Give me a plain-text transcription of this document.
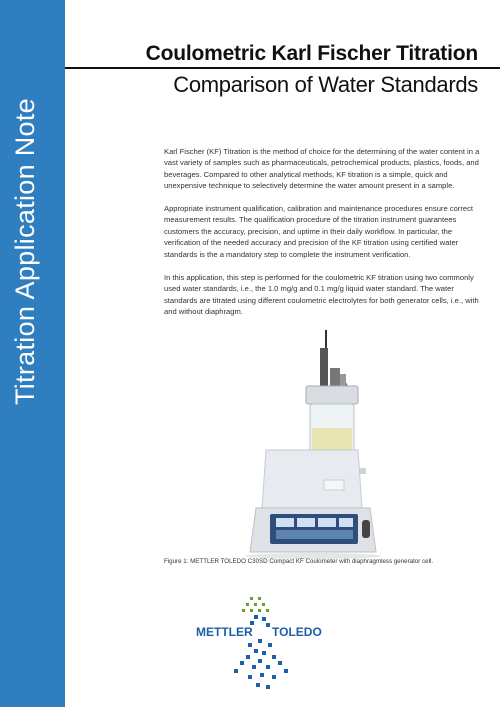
Titration Application Note
Coulometric Karl Fischer Titration
Comparison of Water Standards
Karl Fischer (KF) Titration is the method of choice for the determining of the water content in a vast variety of samples such as pharmaceuticals, petrochemical products, plastics, foods, and beverages. Compared to other analytical methods, KF titration is a simple, quick and unexpensive technique to selectively determine the water amount present in a sample.
Appropriate instrument qualification, calibration and maintenance procedures ensure correct measurement results. The qualification procedure of the titration instrument guarantees customers the accuracy, precision, and uptime in their daily workflow. In particular, the verification of the needed accuracy and precision of the KF titration using certified water standards is the a mandatory step to complete the instrument verification.
In this application, this step is performed for the coulometric KF titration using two commonly used water standards, i.e., the 1.0 mg/g and 0.1 mg/g liquid water standard. The water standards are titrated using different coulometric electrolytes for both generator cells, i.e., with and without diaphragm.
Figure 1: METTLER TOLEDO C30SD Compact KF Coulometer with diaphragmless generator cell.
METTLER TOLEDO
